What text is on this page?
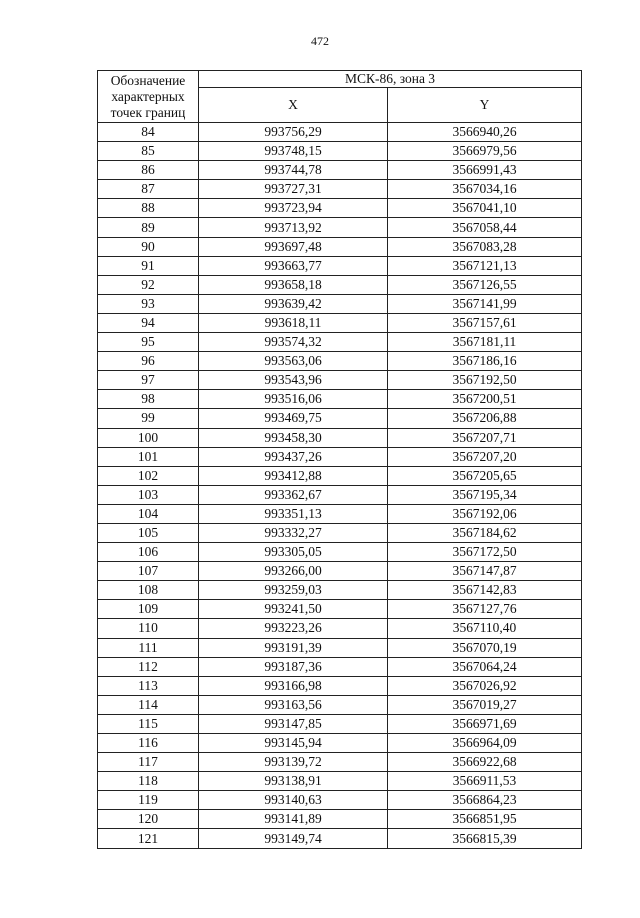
472
Обозначение характерных точек границ	МСК-86, зона 3	
	X	Y
84	993756,29	3566940,26
85	993748,15	3566979,56
86	993744,78	3566991,43
87	993727,31	3567034,16
88	993723,94	3567041,10
89	993713,92	3567058,44
90	993697,48	3567083,28
91	993663,77	3567121,13
92	993658,18	3567126,55
93	993639,42	3567141,99
94	993618,11	3567157,61
95	993574,32	3567181,11
96	993563,06	3567186,16
97	993543,96	3567192,50
98	993516,06	3567200,51
99	993469,75	3567206,88
100	993458,30	3567207,71
101	993437,26	3567207,20
102	993412,88	3567205,65
103	993362,67	3567195,34
104	993351,13	3567192,06
105	993332,27	3567184,62
106	993305,05	3567172,50
107	993266,00	3567147,87
108	993259,03	3567142,83
109	993241,50	3567127,76
110	993223,26	3567110,40
111	993191,39	3567070,19
112	993187,36	3567064,24
113	993166,98	3567026,92
114	993163,56	3567019,27
115	993147,85	3566971,69
116	993145,94	3566964,09
117	993139,72	3566922,68
118	993138,91	3566911,53
119	993140,63	3566864,23
120	993141,89	3566851,95
121	993149,74	3566815,39
